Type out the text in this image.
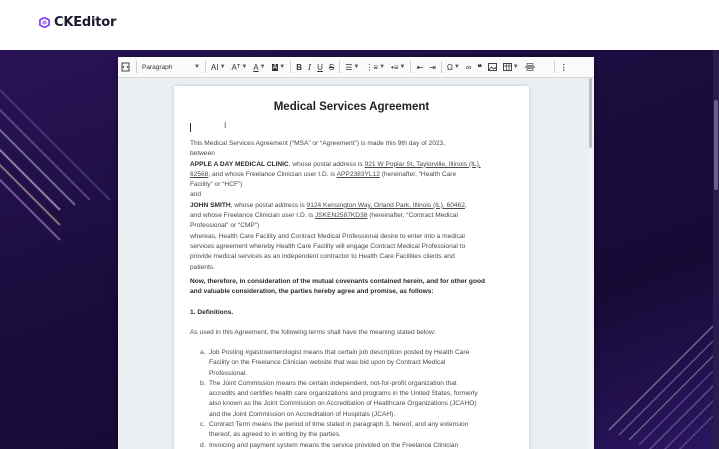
CKEditor
Paragraph	▼ AI ▼ Aᵀ ▼ A ▼ A ▼ B I U S ☰ ▼ ⋮≡ ▼ •≡ ▼ ⇤ ⇥ Ω ▼ ∞ ❝	▼	⋮
Medical Services Agreement
I
This Medical Services Agreement (“MSA” or “Agreement”) is made this 9th day of 2023,
between
APPLE A DAY MEDICAL CLINIC, whose postal address is 921 W Poplar St, Taylorville, Illinois (IL),
62568, and whose Freelance Clinician user I.D. is APP2383YL12 (hereinafter, “Health Care
Facility” or “HCF”)
and
JOHN SMITH, whose postal address is 9124 Kensington Way, Orland Park, Illinois (IL), 60462,
and whose Freelance Clinician user I.D. is JSKEN2587KD38 (hereinafter, “Contract Medical
Professional” or “CMP”)
whereas, Health Care Facility and Contract Medical Professional desire to enter into a medical
services agreement whereby Health Care Facility will engage Contract Medical Professional to
provide medical services as an independent contractor to Health Care Facilities clients and
patients.
Now, therefore, in consideration of the mutual covenants contained herein, and for other good
and valuable consideration, the parties hereby agree and promise, as follows:
1. Definitions.
As used in this Agreement, the following terms shall have the meaning stated below:
a. Job Posting #gastroenterologist means that certain job description posted by Health Care
Facility on the Freelance Clinician website that was bid upon by Contract Medical
Professional.
b. The Joint Commission means the certain independent, not-for-profit organization that
accredits and certifies health care organizations and programs in the United States, formerly
also known as the Joint Commission on Accreditation of Healthcare Organizations (JCAHO)
and the Joint Commission on Accreditation of Hospitals (JCAH).
c. Contract Term means the period of time stated in paragraph 3, hereof, and any extension
thereof, as agreed to in writing by the parties.
d. Invoicing and payment system means the service provided on the Freelance Clinician
